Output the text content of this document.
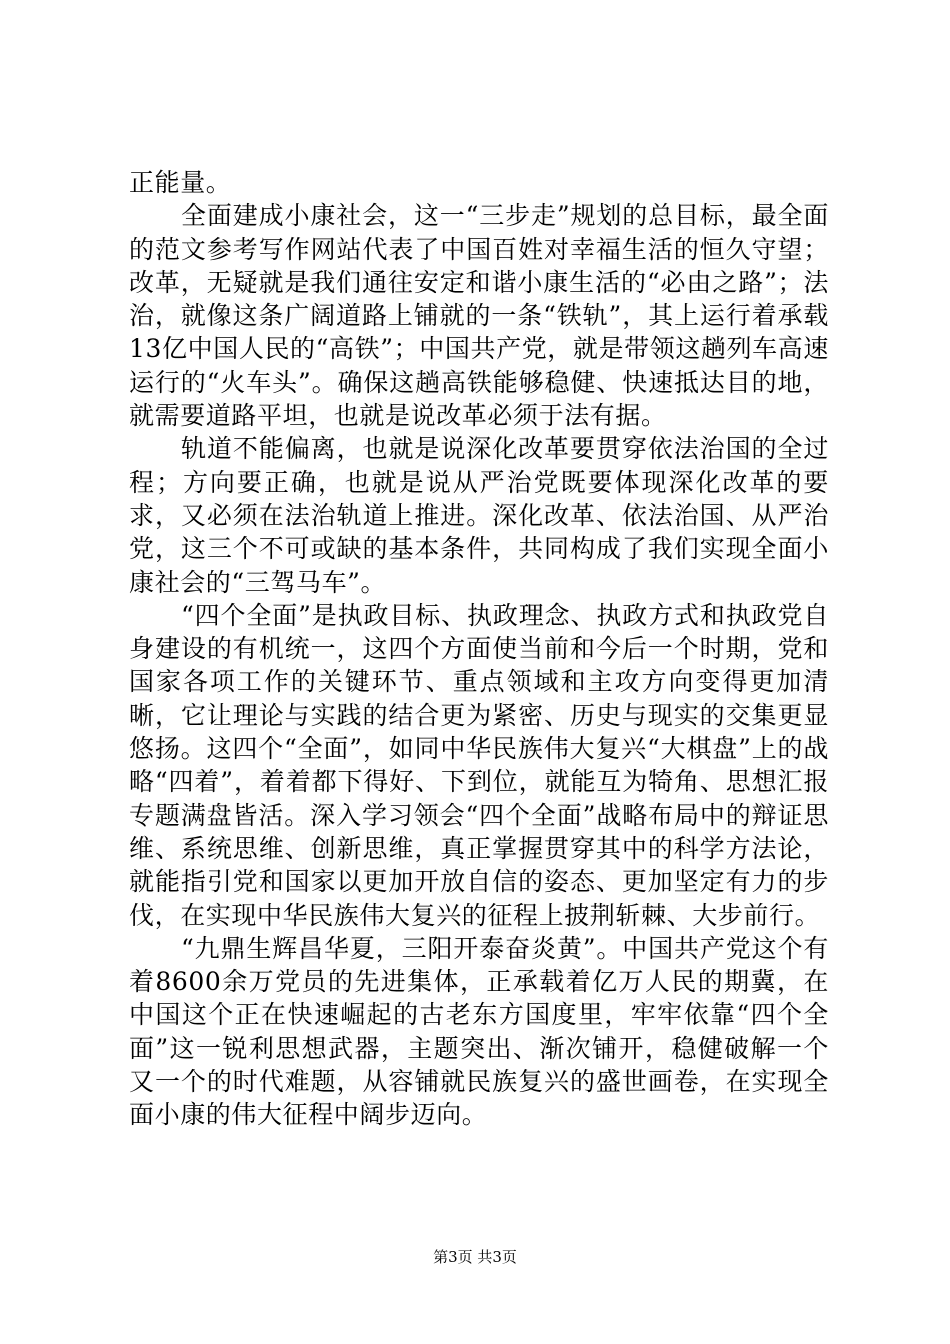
正能量。

全面建成小康社会，这一“三步走”规划的总目标，最全面的范文参考写作网站代表了中国百姓对幸福生活的恒久守望；改革，无疑就是我们通往安定和谐小康生活的“必由之路”；法治，就像这条广阔道路上铺就的一条“铁轨”，其上运行着承载13亿中国人民的“高铁”；中国共产党，就是带领这趟列车高速运行的“火车头”。确保这趟高铁能够稳健、快速抵达目的地，就需要道路平坦，也就是说改革必须于法有据。

轨道不能偏离，也就是说深化改革要贯穿依法治国的全过程；方向要正确，也就是说从严治党既要体现深化改革的要求，又必须在法治轨道上推进。深化改革、依法治国、从严治党，这三个不可或缺的基本条件，共同构成了我们实现全面小康社会的“三驾马车”。

“四个全面”是执政目标、执政理念、执政方式和执政党自身建设的有机统一，这四个方面使当前和今后一个时期，党和国家各项工作的关键环节、重点领域和主攻方向变得更加清晰，它让理论与实践的结合更为紧密、历史与现实的交集更显悠扬。这四个“全面”，如同中华民族伟大复兴“大棋盘”上的战略“四着”，着着都下得好、下到位，就能互为犄角、思想汇报专题满盘皆活。深入学习领会“四个全面”战略布局中的辩证思维、系统思维、创新思维，真正掌握贯穿其中的科学方法论，就能指引党和国家以更加开放自信的姿态、更加坚定有力的步伐，在实现中华民族伟大复兴的征程上披荆斩棘、大步前行。

“九鼎生辉昌华夏，三阳开泰奋炎黄”。中国共产党这个有着8600余万党员的先进集体，正承载着亿万人民的期冀，在中国这个正在快速崛起的古老东方国度里，牢牢依靠“四个全面”这一锐利思想武器，主题突出、渐次铺开，稳健破解一个又一个的时代难题，从容铺就民族复兴的盛世画卷，在实现全面小康的伟大征程中阔步迈向。

第3页 共3页
